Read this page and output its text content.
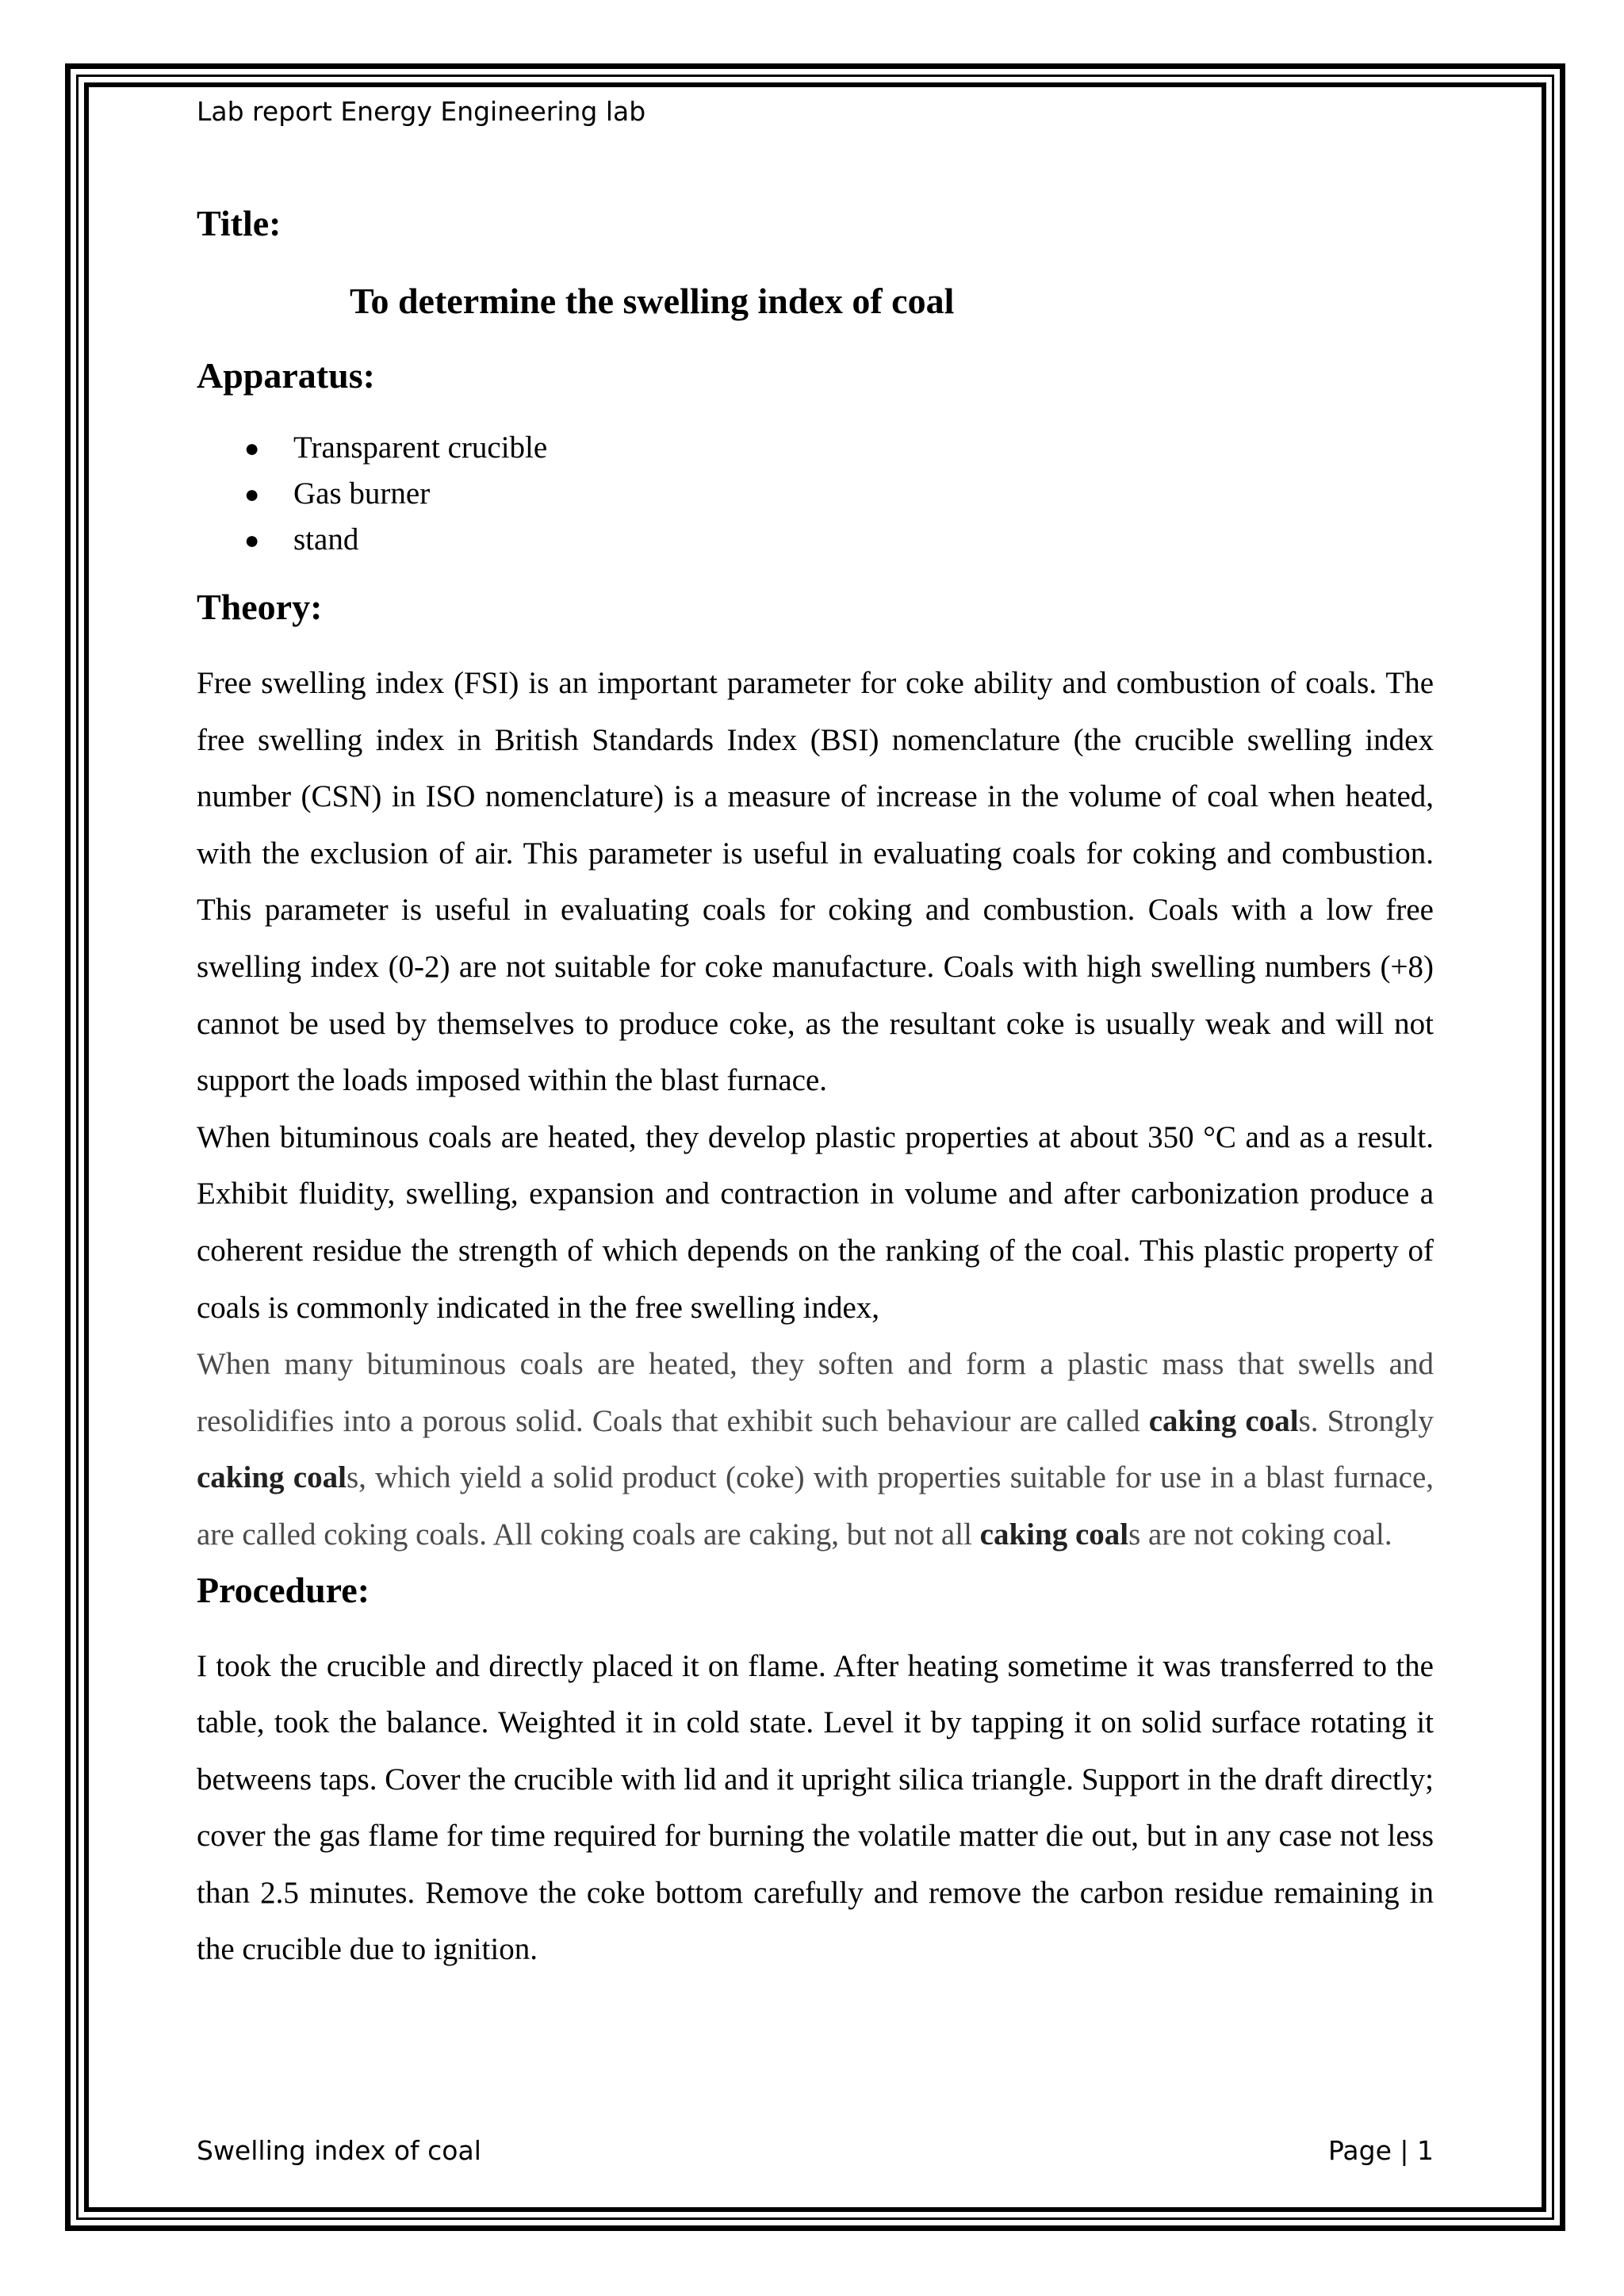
Lab report Energy Engineering lab

Title:
To determine the swelling index of coal
Apparatus:
● Transparent crucible
● Gas burner
● stand
Theory:

Free swelling index (FSI) is an important parameter for coke ability and combustion of coals. The free swelling index in British Standards Index (BSI) nomenclature (the crucible swelling index number (CSN) in ISO nomenclature) is a measure of increase in the volume of coal when heated, with the exclusion of air. This parameter is useful in evaluating coals for coking and combustion. This parameter is useful in evaluating coals for coking and combustion. Coals with a low free swelling index (0-2) are not suitable for coke manufacture. Coals with high swelling numbers (+8) cannot be used by themselves to produce coke, as the resultant coke is usually weak and will not support the loads imposed within the blast furnace.

When bituminous coals are heated, they develop plastic properties at about 350 °C and as a result. Exhibit fluidity, swelling, expansion and contraction in volume and after carbonization produce a coherent residue the strength of which depends on the ranking of the coal. This plastic property of coals is commonly indicated in the free swelling index,

When many bituminous coals are heated, they soften and form a plastic mass that swells and resolidifies into a porous solid. Coals that exhibit such behaviour are called caking coals. Strongly caking coals, which yield a solid product (coke) with properties suitable for use in a blast furnace, are called coking coals. All coking coals are caking, but not all caking coals are not coking coal.

Procedure:

I took the crucible and directly placed it on flame. After heating sometime it was transferred to the table, took the balance. Weighted it in cold state. Level it by tapping it on solid surface rotating it betweens taps. Cover the crucible with lid and it upright silica triangle. Support in the draft directly; cover the gas flame for time required for burning the volatile matter die out, but in any case not less than 2.5 minutes. Remove the coke bottom carefully and remove the carbon residue remaining in the crucible due to ignition.

Swelling index of coal	Page | 1
